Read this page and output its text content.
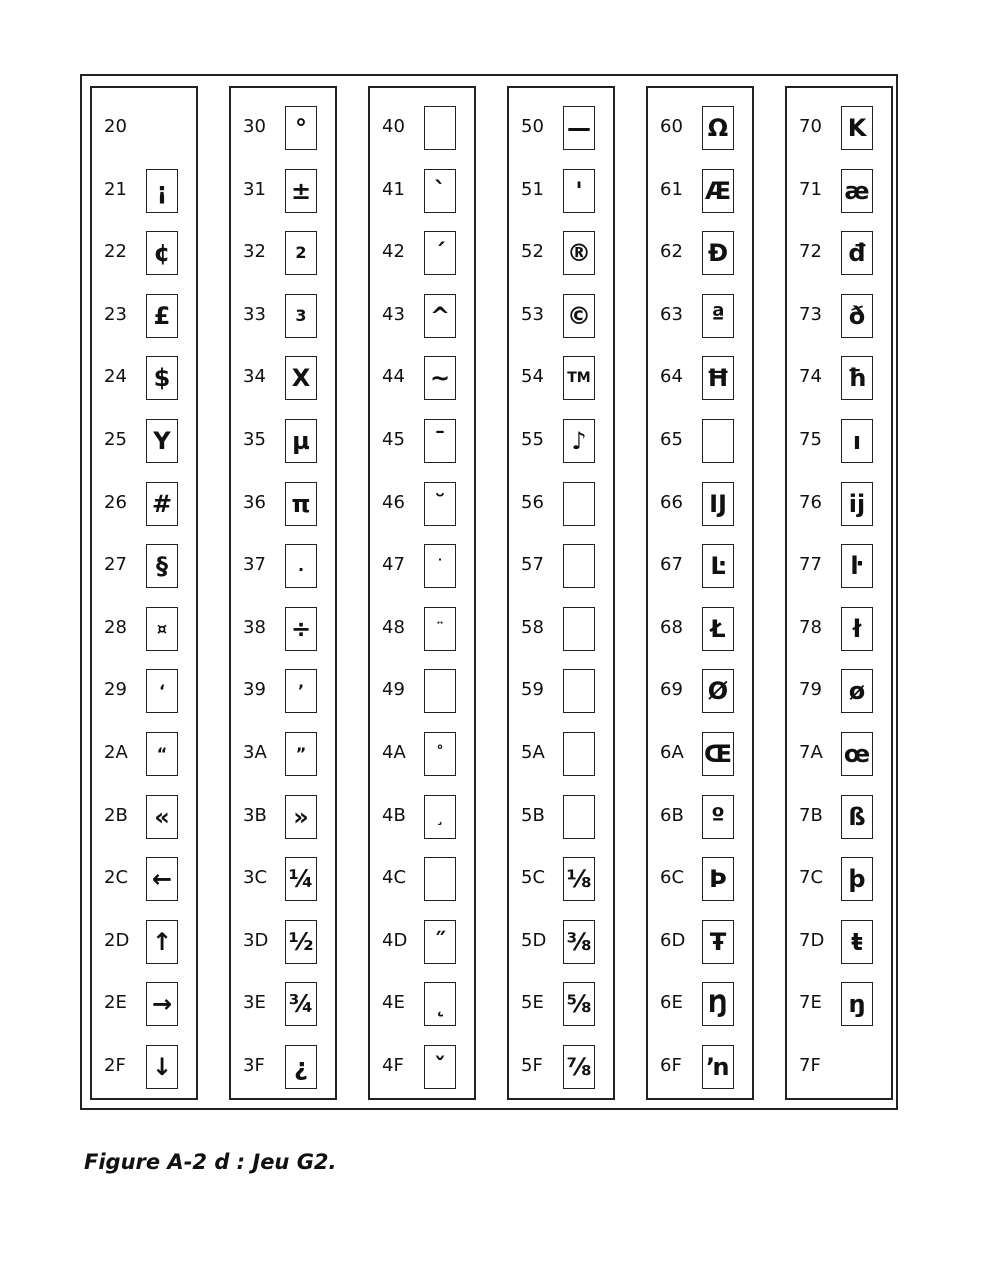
20
21	¡
22	¢
23	£
24	$
25	Y
26	#
27	§
28	¤
29	‘
2A	“
2B	«
2C ←
2D ↑
2E	→
2F	↓
30	°
31	±
32	2
33	3
34	X
35	µ
36	π
37	.
38	÷
39	’
3A	”
3B	»
3C ¼
3D ½
3E ¾
3F	¿
40
41	`
42	´
43	^
44	~
45	¯
46	˘
47	˙
48	¨
49
4A	˚
4B	¸
4C
4D	˝
4E	˛
4F	ˇ
50 —
51	'
52 ®
53 ©
54	TM
55	♪
56
57
58
59
5A
5B
5C ⅛
5D ⅜
5E ⅝
5F ⅞
60	Ω
61 Æ
62	Đ
63	ª
64 Ħ
65
66	Ĳ
67	Ŀ
68	Ł
69	Ø
6A Œ
6B	º
6C	Þ
6D	Ŧ
6E	Ŋ
6F	ŉ
70	K
71 æ
72	đ
73	ð
74	ħ
75	ı
76	ĳ
77	ŀ
78	ł
79	ø
7A œ
7B	ß
7C	þ
7D	ŧ
7E	ŋ
7F
Figure A-2 d : Jeu G2.
